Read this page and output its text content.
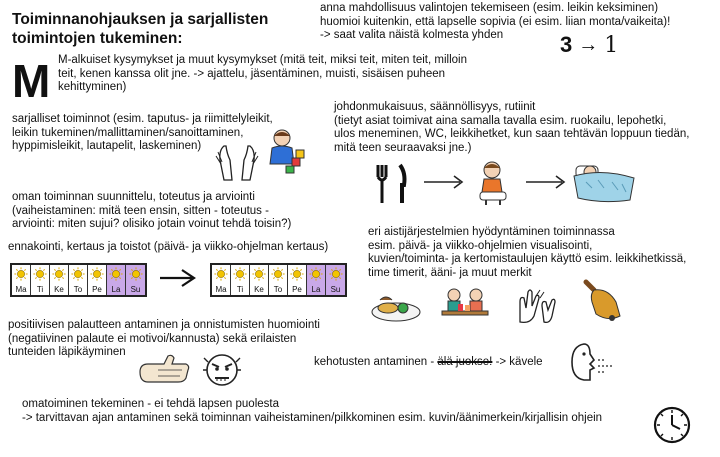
Toiminnanohjauksen ja sarjallisten
toimintojen tukeminen:
anna mahdollisuus valintojen tekemiseen (esim. leikin keksiminen)
huomioi kuitenkin, että lapselle sopivia (ei esim. liian monta/vaikeita)!
-> saat valita näistä kolmesta yhden	3 → 1
M M-alkuiset kysymykset ja muut kysymykset (mitä teit, miksi teit, miten teit, milloin
teit, kenen kanssa olit jne. -> ajattelu, jäsentäminen, muisti, sisäisen puheen
kehittyminen)
sarjalliset toiminnot (esim. taputus- ja riimittelyleikit,
leikin tukeminen/mallittaminen/sanoittaminen,
hyppimisleikit, lautapelit, laskeminen)
johdonmukaisuus, säännöllisyys, rutiinit
(tietyt asiat toimivat aina samalla tavalla esim. ruokailu, lepohetki,
ulos meneminen, WC, leikkihetket, kun saan tehtävän loppuun tiedän,
mitä teen seuraavaksi jne.)
oman toiminnan suunnittelu, toteutus ja arviointi
(vaiheistaminen: mitä teen ensin, sitten - toteutus -
arviointi: miten sujui? olisiko jotain voinut tehdä toisin?)
ennakointi, kertaus ja toistot (päivä- ja viikko-ohjelman kertaus)
Ma Ti Ke To Pe La Su	Ma Ti Ke To Pe La Su
eri aistijärjestelmien hyödyntäminen toiminnassa
esim. päivä- ja viikko-ohjelmien visualisointi,
kuvien/toiminta- ja kertomistaulujen käyttö esim. leikkihetkissä,
time timerit, ääni- ja muut merkit
positiivisen palautteen antaminen ja onnistumisten huomiointi
(negatiivinen palaute ei motivoi/kannusta) sekä erilaisten
tunteiden läpikäyminen
kehotusten antaminen - älä juokse! -> kävele
omatoiminen tekeminen - ei tehdä lapsen puolesta
-> tarvittavan ajan antaminen sekä toiminnan vaiheistaminen/pilkkominen esim. kuvin/äänimerkein/kirjallisin ohjein
